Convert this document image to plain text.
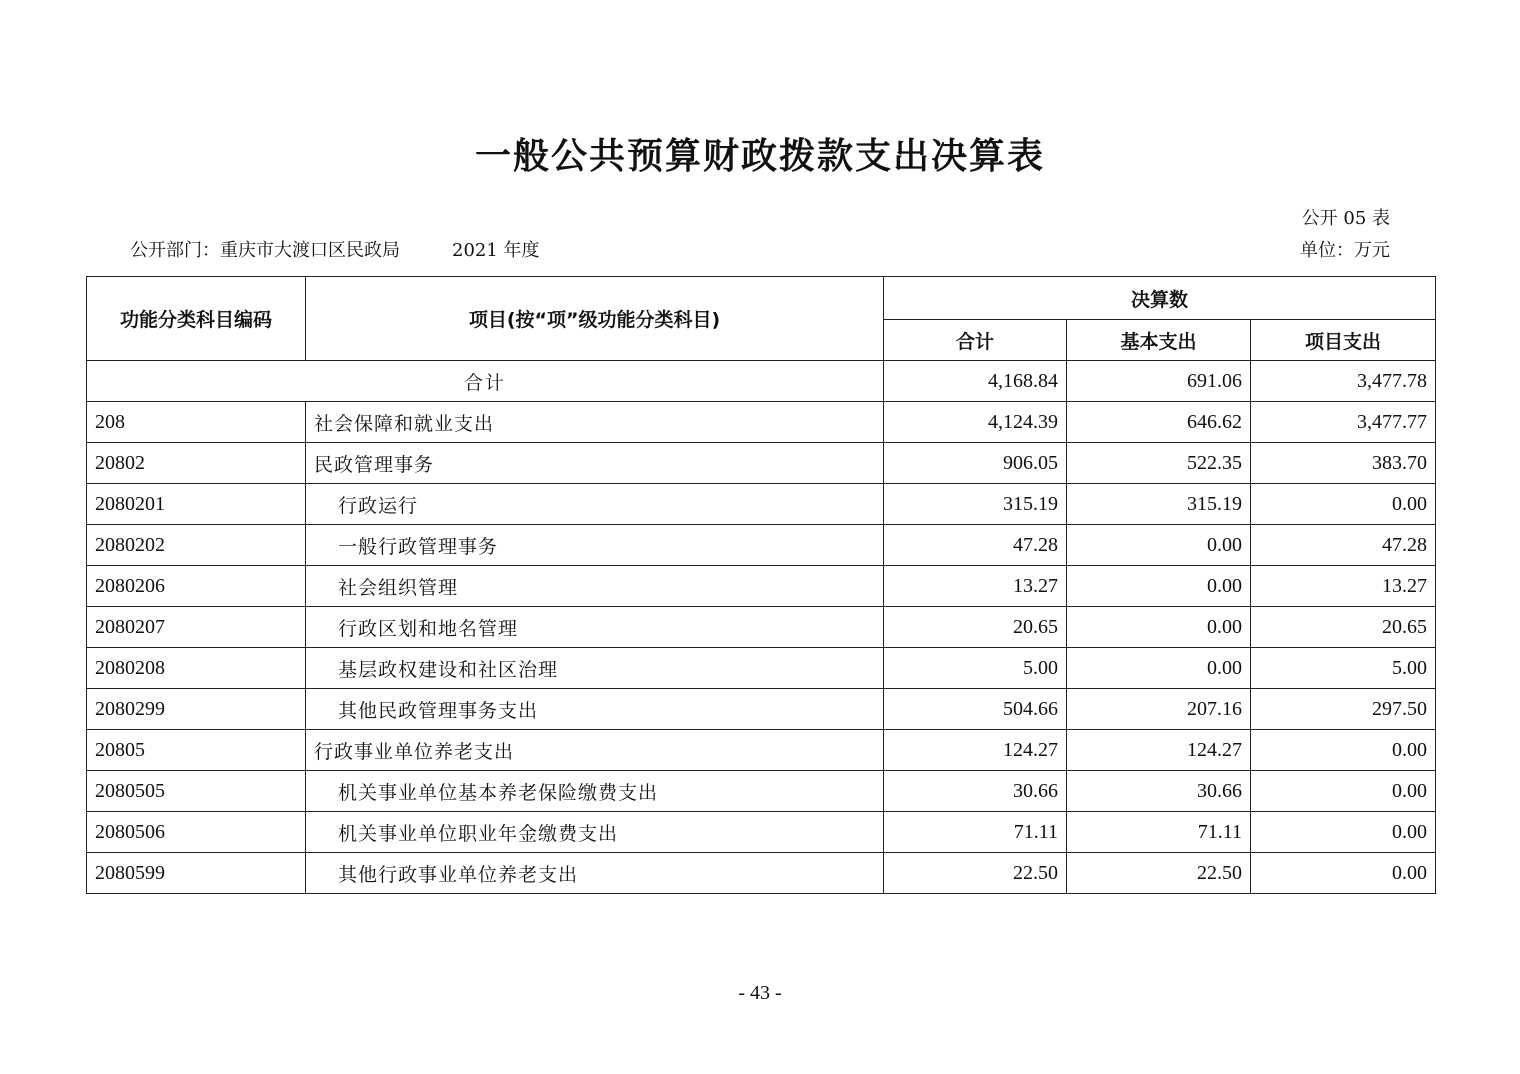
一般公共预算财政拨款支出决算表
公开 05 表
公开部门：重庆市大渡口区民政局	2021 年度	单位：万元
功能分类科目编码	项目(按“项”级功能分类科目)	决算数		
		合计	基本支出	项目支出
合计		4,168.84	691.06	3,477.78
208	社会保障和就业支出	4,124.39	646.62	3,477.77
20802	民政管理事务	906.05	522.35	383.70
2080201	行政运行	315.19	315.19	0.00
2080202	一般行政管理事务	47.28	0.00	47.28
2080206	社会组织管理	13.27	0.00	13.27
2080207	行政区划和地名管理	20.65	0.00	20.65
2080208	基层政权建设和社区治理	5.00	0.00	5.00
2080299	其他民政管理事务支出	504.66	207.16	297.50
20805	行政事业单位养老支出	124.27	124.27	0.00
2080505	机关事业单位基本养老保险缴费支出	30.66	30.66	0.00
2080506	机关事业单位职业年金缴费支出	71.11	71.11	0.00
2080599	其他行政事业单位养老支出	22.50	22.50	0.00
- 43 -
